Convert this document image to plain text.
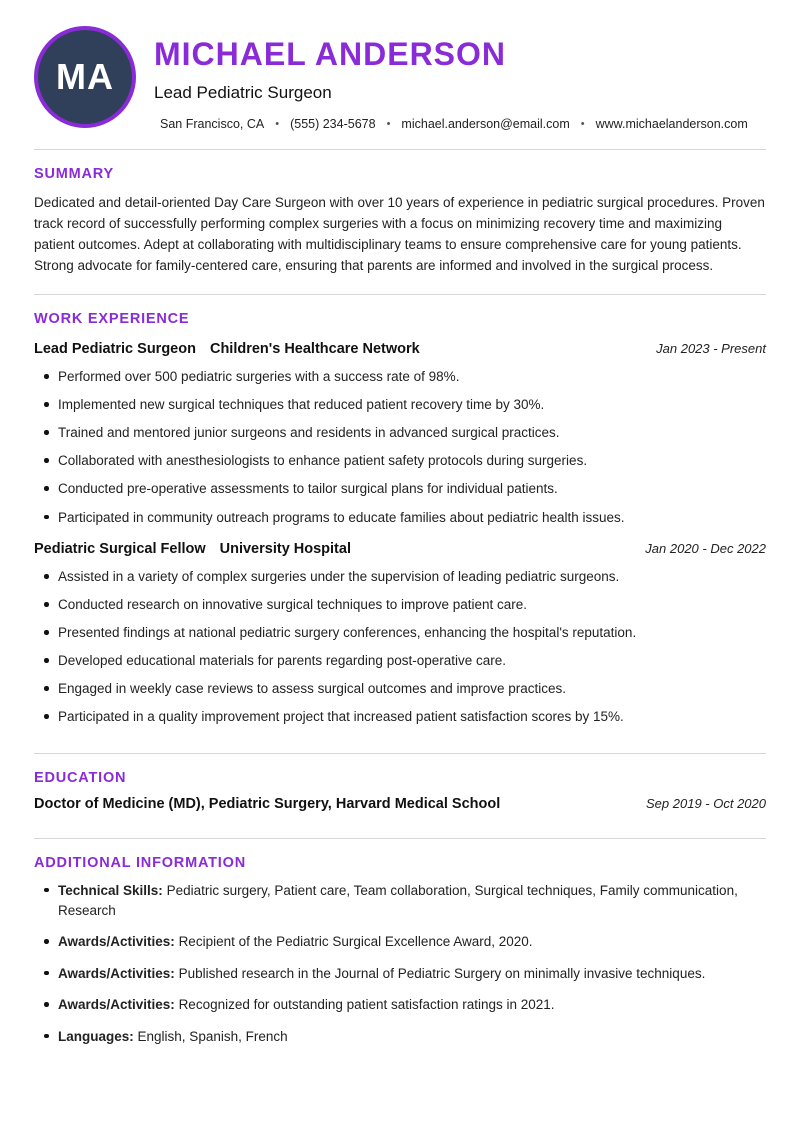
MA
MICHAEL ANDERSON
Lead Pediatric Surgeon
San Francisco, CA • (555) 234-5678 • michael.anderson@email.com • www.michaelanderson.com
SUMMARY

Dedicated and detail-oriented Day Care Surgeon with over 10 years of experience in pediatric surgical procedures. Proven track record of successfully performing complex surgeries with a focus on minimizing recovery time and maximizing patient outcomes. Adept at collaborating with multidisciplinary teams to ensure comprehensive care for young patients. Strong advocate for family-centered care, ensuring that parents are informed and involved in the surgical process.

WORK EXPERIENCE
Lead Pediatric Surgeon Children's Healthcare Network	Jan 2023 - Present
Performed over 500 pediatric surgeries with a success rate of 98%.
Implemented new surgical techniques that reduced patient recovery time by 30%.
Trained and mentored junior surgeons and residents in advanced surgical practices.
Collaborated with anesthesiologists to enhance patient safety protocols during surgeries.
Conducted pre-operative assessments to tailor surgical plans for individual patients.
Participated in community outreach programs to educate families about pediatric health issues.
Pediatric Surgical Fellow University Hospital	Jan 2020 - Dec 2022
Assisted in a variety of complex surgeries under the supervision of leading pediatric surgeons.
Conducted research on innovative surgical techniques to improve patient care.
Presented findings at national pediatric surgery conferences, enhancing the hospital's reputation.
Developed educational materials for parents regarding post-operative care.
Engaged in weekly case reviews to assess surgical outcomes and improve practices.
Participated in a quality improvement project that increased patient satisfaction scores by 15%.
EDUCATION
Doctor of Medicine (MD), Pediatric Surgery, Harvard Medical School	Sep 2019 - Oct 2020
ADDITIONAL INFORMATION
Technical Skills: Pediatric surgery, Patient care, Team collaboration, Surgical techniques, Family communication, Research
Awards/Activities: Recipient of the Pediatric Surgical Excellence Award, 2020.
Awards/Activities: Published research in the Journal of Pediatric Surgery on minimally invasive techniques.
Awards/Activities: Recognized for outstanding patient satisfaction ratings in 2021.
Languages: English, Spanish, French
